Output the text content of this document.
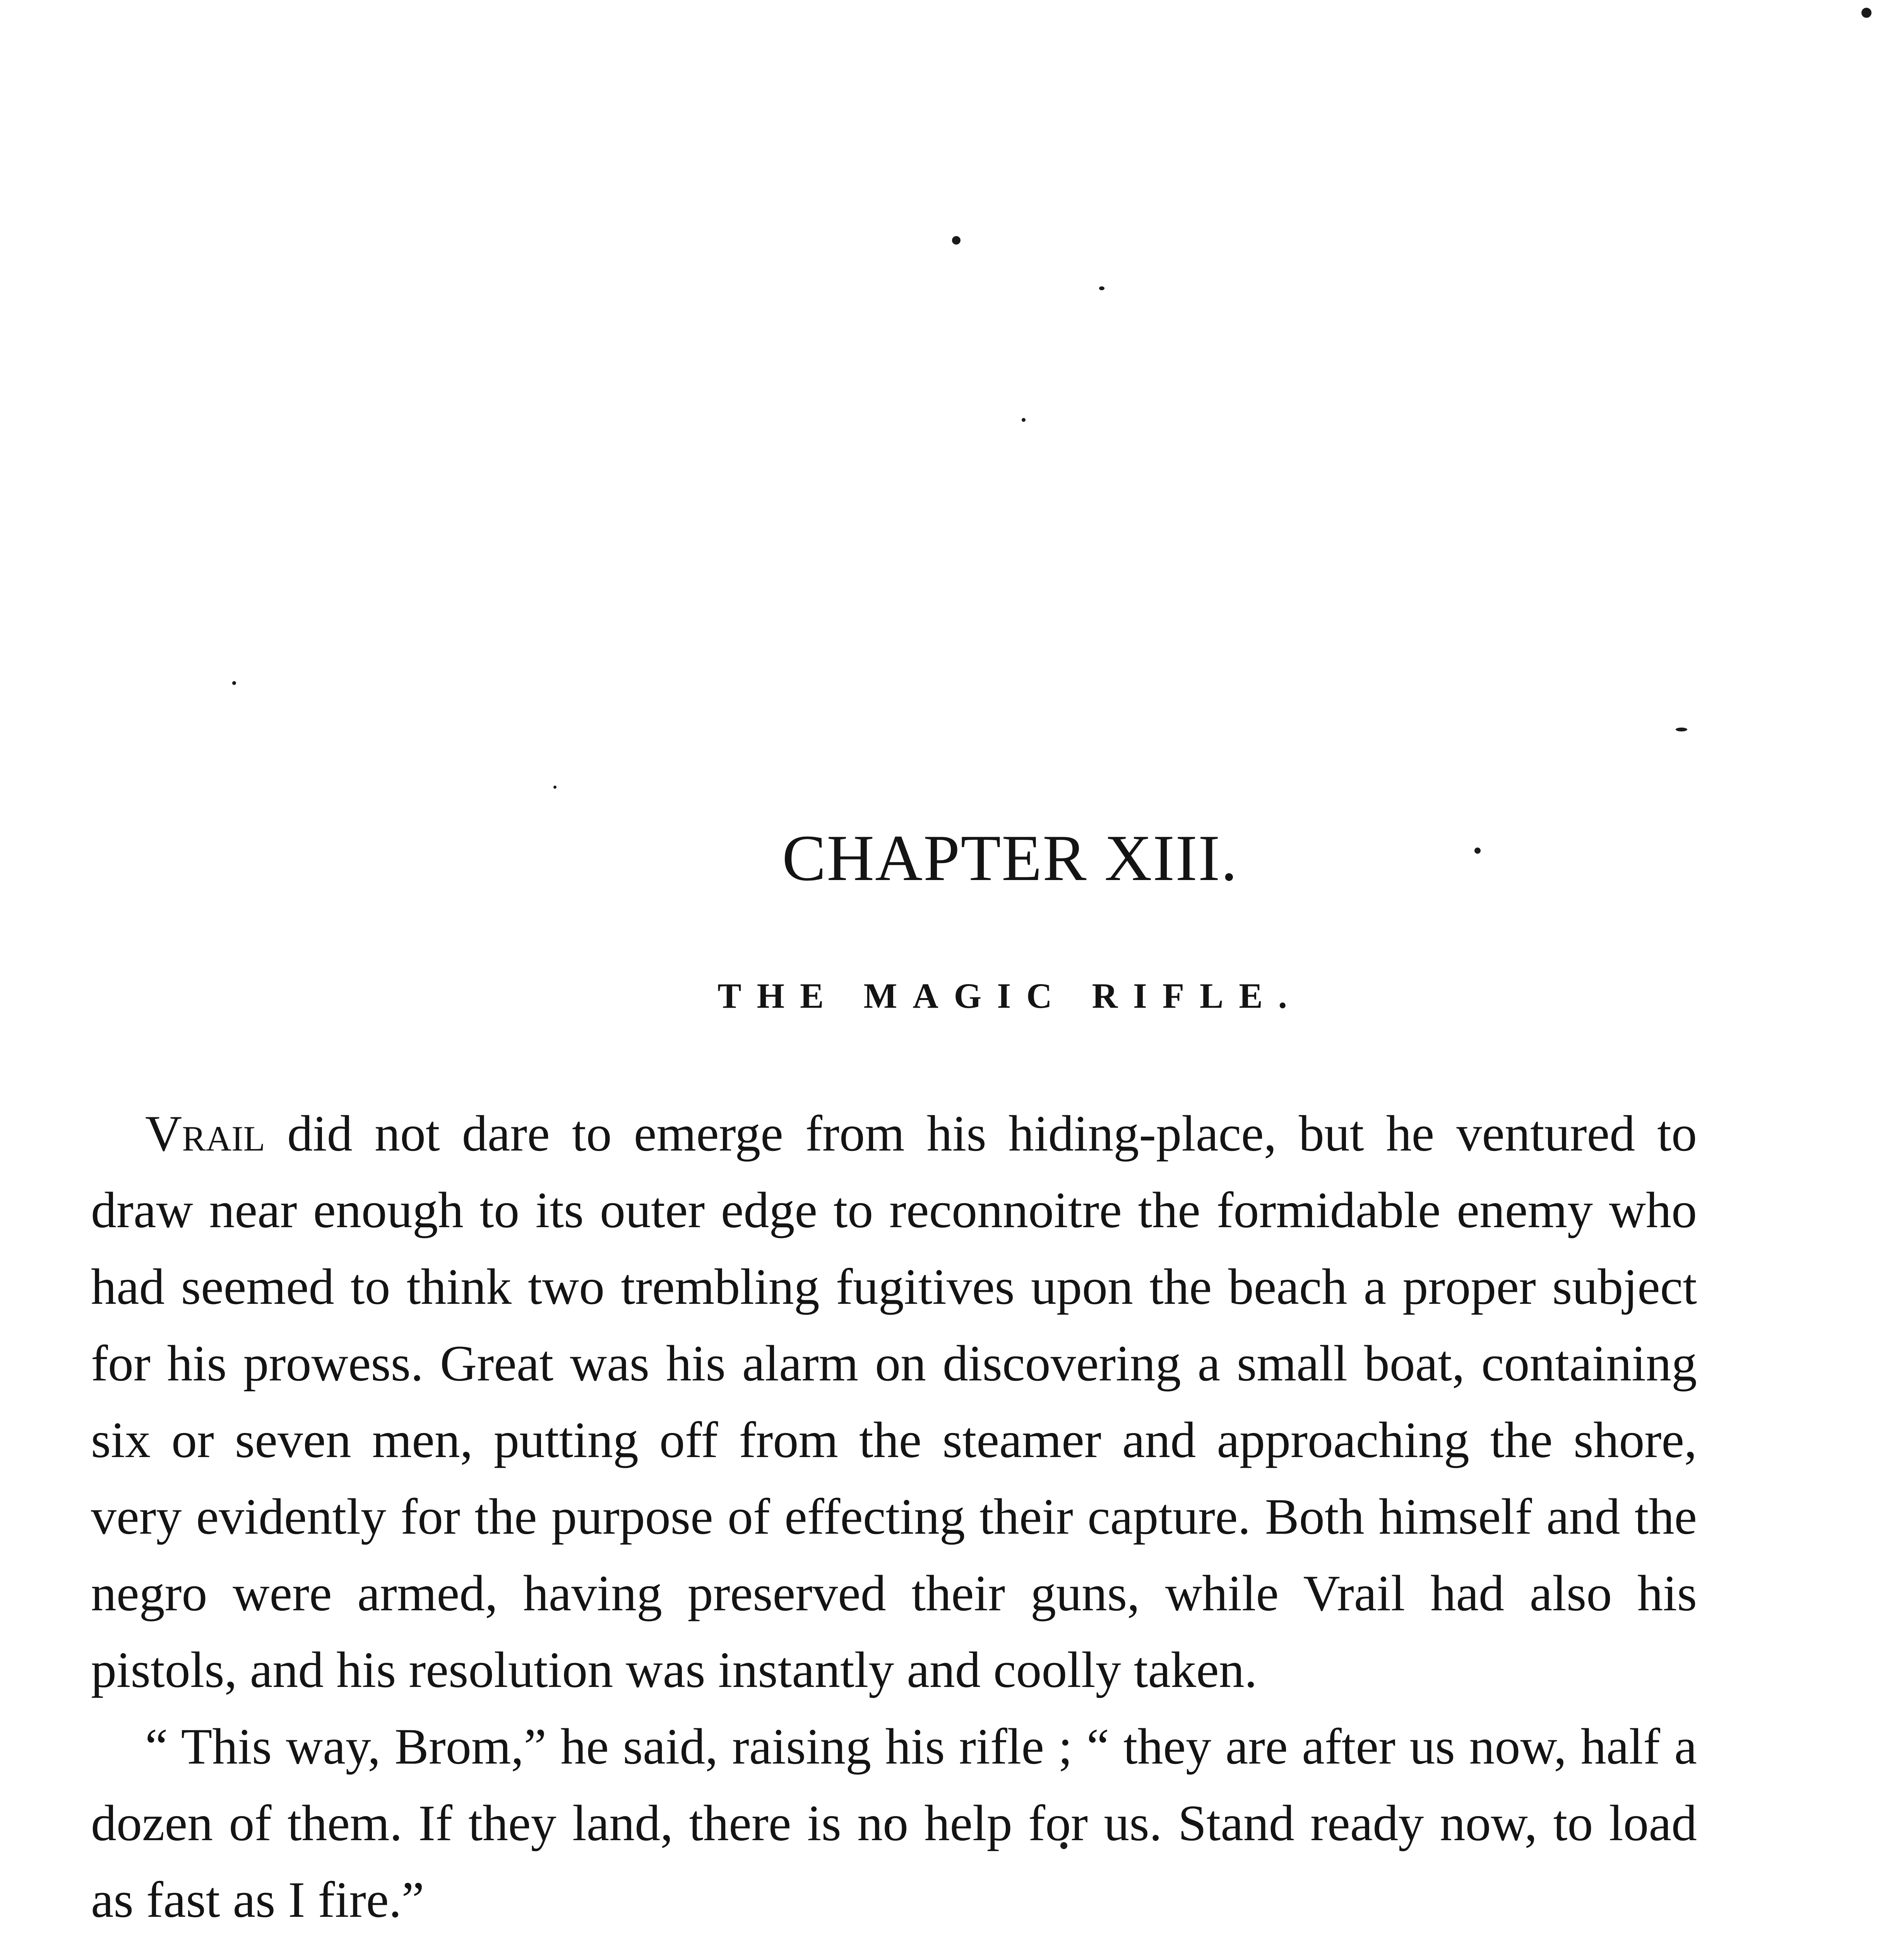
CHAPTER XIII.
THE MAGIC RIFLE.

Vrail did not dare to emerge from his hiding-place, but he ventured to draw near enough to its outer edge to reconnoitre the formidable enemy who had seemed to think two trembling fugitives upon the beach a proper subject for his prowess. Great was his alarm on discovering a small boat, containing six or seven men, putting off from the steamer and approaching the shore, very evidently for the purpose of effecting their capture. Both himself and the negro were armed, having preserved their guns, while Vrail had also his pistols, and his resolution was instantly and coolly taken.

“ This way, Brom,” he said, raising his rifle ; “ they are after us now, half a dozen of them. If they land, there is no help for us. Stand ready now, to load as fast as I fire.”
